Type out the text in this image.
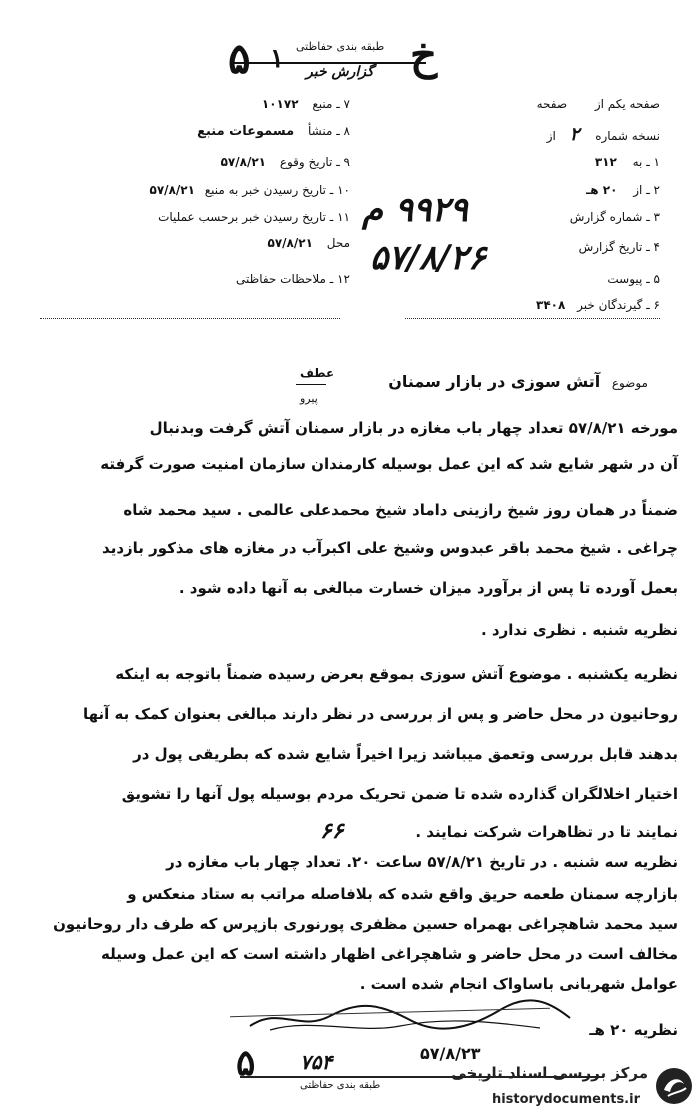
۵	خ
۱ طبقه بندی حفاظتی
گزارش خبر
۷ ـ منبع ۱۰۱۷۲
۸ ـ منشأ مسموعات منبع
۹ ـ تاریخ وقوع ۵۷/۸/۲۱
۱۰ ـ تاریخ رسیدن خبر به منبع ۵۷/۸/۲۱
۱۱ ـ تاریخ رسیدن خبر برحسب عملیات
محل ۵۷/۸/۲۱
۱۲ ـ ملاحظات حفاظتی
صفحه یکم از صفحه
نسخه شماره ۲ از
۱ ـ به ۳۱۲
۲ ـ از ۲۰ هـ
۳ ـ شماره گزارش
۴ ـ تاریخ گزارش
۵ ـ پیوست
۶ ـ گیرندگان خبر ۳۴۰۸
۹۹۲۹ م
۵۷/۸/۲۶
عطف
پیرو
موضوع آتش سوزی در بازار سمنان
مورخه ۵۷/۸/۲۱ تعداد چهار باب مغازه در بازار سمنان آتش گرفت وبدنبال
آن در شهر شایع شد که این عمل بوسیله کارمندان سازمان امنیت صورت گرفته
ضمناً در همان روز شیخ رازینی داماد شیخ محمدعلی عالمی . سید محمد شاه
چراغی . شیخ محمد باقر عبدوس وشیخ علی اکبرآب در مغازه های مذکور بازدید
بعمل آورده تا پس از برآورد میزان خسارت مبالغی به آنها داده شود .
نظریه شنبه . نظری ندارد .
نظریه یکشنبه . موضوع آتش سوزی بموقع بعرض رسیده ضمناً باتوجه به اینکه
روحانیون در محل حاضر و پس از بررسی در نظر دارند مبالغی بعنوان کمک به آنها
بدهند قابل بررسی وتعمق میباشد زیرا اخیراً شایع شده که بطریقی پول در
اختیار اخلالگران گذارده شده تا ضمن تحریک مردم بوسیله پول آنها را تشویق
نمایند تا در تظاهرات شرکت نمایند .
نظریه سه شنبه . در تاریخ ۵۷/۸/۲۱ ساعت ۲۰. تعداد چهار باب مغازه در
بازارچه سمنان طعمه حریق واقع شده که بلافاصله مراتب به ستاد منعکس و
سید محمد شاهچراغی بهمراه حسین مظفری پورنوری بازپرس که طرف دار روحانیون
مخالف است در محل حاضر و شاهچراغی اظهار داشته است که این عمل وسیله
عوامل شهربانی باساواک انجام شده است .
نظریه ۲۰ هـ
۶۶
۵ ۷۵۴	۵۷/۸/۲۳
طبقه بندی حفاظتی
مرکز بررسی اسناد تاریخی
historydocuments.ir
